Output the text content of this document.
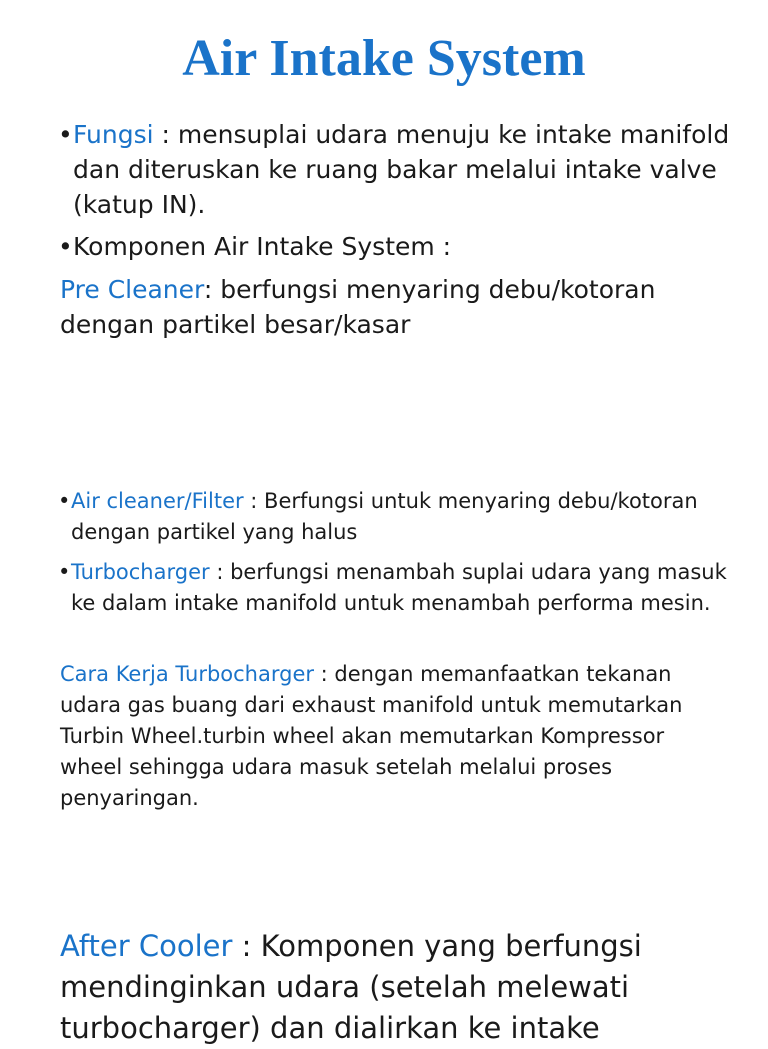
Air Intake System
• Fungsi : mensuplai udara menuju ke intake manifold dan diteruskan ke ruang bakar melalui intake valve (katup IN).

• Komponen Air Intake System :

Pre Cleaner: berfungsi menyaring debu/kotoran dengan partikel besar/kasar

• Air cleaner/Filter : Berfungsi untuk menyaring debu/kotoran dengan partikel yang halus

• Turbocharger : berfungsi menambah suplai udara yang masuk ke dalam intake manifold untuk menambah performa mesin.

Cara Kerja Turbocharger : dengan memanfaatkan tekanan udara gas buang dari exhaust manifold untuk memutarkan Turbin Wheel.turbin wheel akan memutarkan Kompressor wheel sehingga udara masuk setelah melalui proses penyaringan.

After Cooler : Komponen yang berfungsi mendinginkan udara (setelah melewati turbocharger) dan dialirkan ke intake
